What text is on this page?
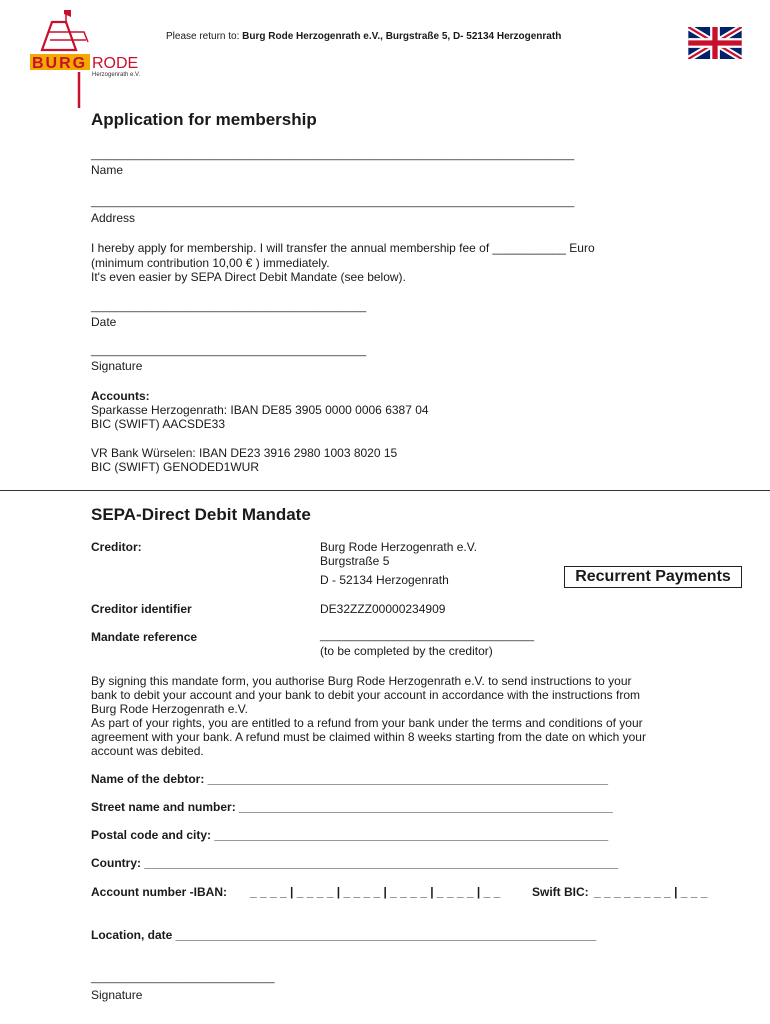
BURG RODE
Herzogenrath e.V.
Please return to: Burg Rode Herzogenrath e.V., Burgstraße 5, D- 52134 Herzogenrath
Application for membership
_______________________________________________________________________________
Name
_______________________________________________________________________________
Address
I hereby apply for membership. I will transfer the annual membership fee of ___________ Euro
(minimum contribution 10,00 € ) immediately.
It's even easier by SEPA Direct Debit Mandate (see below).
_____________________________________________
Date
_____________________________________________
Signature
Accounts:
Sparkasse Herzogenrath: IBAN DE85 3905 0000 0006 6387 04
BIC (SWIFT) AACSDE33
VR Bank Würselen: IBAN DE23 3916 2980 1003 8020 15
BIC (SWIFT) GENODED1WUR
SEPA-Direct Debit Mandate
Creditor:	Burg Rode Herzogenrath e.V.
Burgstraße 5
D - 52134 Herzogenrath	Recurrent Payments
Creditor identifier	DE32ZZZ00000234909
Mandate reference	___________________________________
(to be completed by the creditor)
By signing this mandate form, you authorise Burg Rode Herzogenrath e.V. to send instructions to your
bank to debit your account and your bank to debit your account in accordance with the instructions from
Burg Rode Herzogenrath e.V.
As part of your rights, you are entitled to a refund from your bank under the terms and conditions of your
agreement with your bank. A refund must be claimed within 8 weeks starting from the date on which your
account was debited.
Name of the debtor: ____________________________________________________________
Street name and number: ________________________________________________________
Postal code and city: ___________________________________________________________
Country: _______________________________________________________________________
Account number -IBAN: _ _ _ _ | _ _ _ _ | _ _ _ _ | _ _ _ _ | _ _ _ _ | _ _	Swift BIC: _ _ _ _ _ _ _ _ | _ _ _
Location, date _______________________________________________________________
______________________________
Signature
